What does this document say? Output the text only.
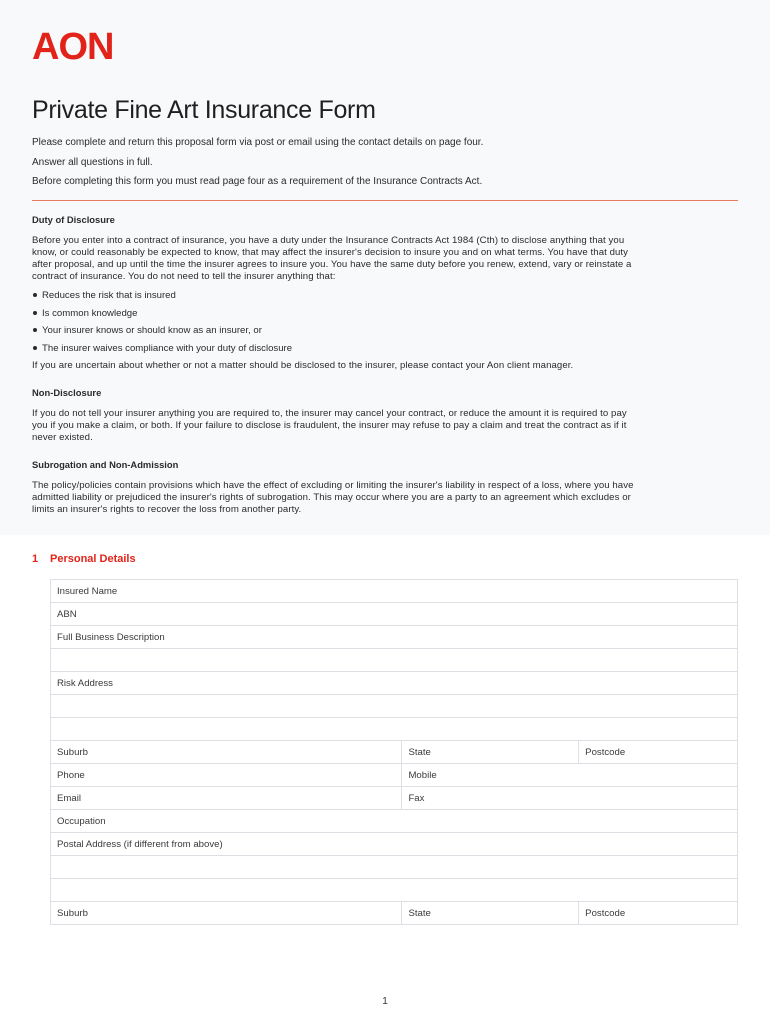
AON
Private Fine Art Insurance Form

Please complete and return this proposal form via post or email using the contact details on page four.

Answer all questions in full.

Before completing this form you must read page four as a requirement of the Insurance Contracts Act.

Duty of Disclosure

Before you enter into a contract of insurance, you have a duty under the Insurance Contracts Act 1984 (Cth) to disclose anything that you know, or could reasonably be expected to know, that may affect the insurer's decision to insure you and on what terms. You have that duty after proposal, and up until the time the insurer agrees to insure you. You have the same duty before you renew, extend, vary or reinstate a contract of insurance. You do not need to tell the insurer anything that:

Reduces the risk that is insured
Is common knowledge
Your insurer knows or should know as an insurer, or
The insurer waives compliance with your duty of disclosure

If you are uncertain about whether or not a matter should be disclosed to the insurer, please contact your Aon client manager.

Non-Disclosure

If you do not tell your insurer anything you are required to, the insurer may cancel your contract, or reduce the amount it is required to pay you if you make a claim, or both. If your failure to disclose is fraudulent, the insurer may refuse to pay a claim and treat the contract as if it never existed.

Subrogation and Non-Admission

The policy/policies contain provisions which have the effect of excluding or limiting the insurer's liability in respect of a loss, where you have admitted liability or prejudiced the insurer's rights of subrogation. This may occur where you are a party to an agreement which excludes or limits an insurer's rights to recover the loss from another party.

1 Personal Details
Insured Name		
ABN		
Full Business Description		

Risk Address		

Suburb	State	Postcode
Phone	Mobile	
Email	Fax	
Occupation		
Postal Address (if different from above)		

Suburb	State	Postcode
1
